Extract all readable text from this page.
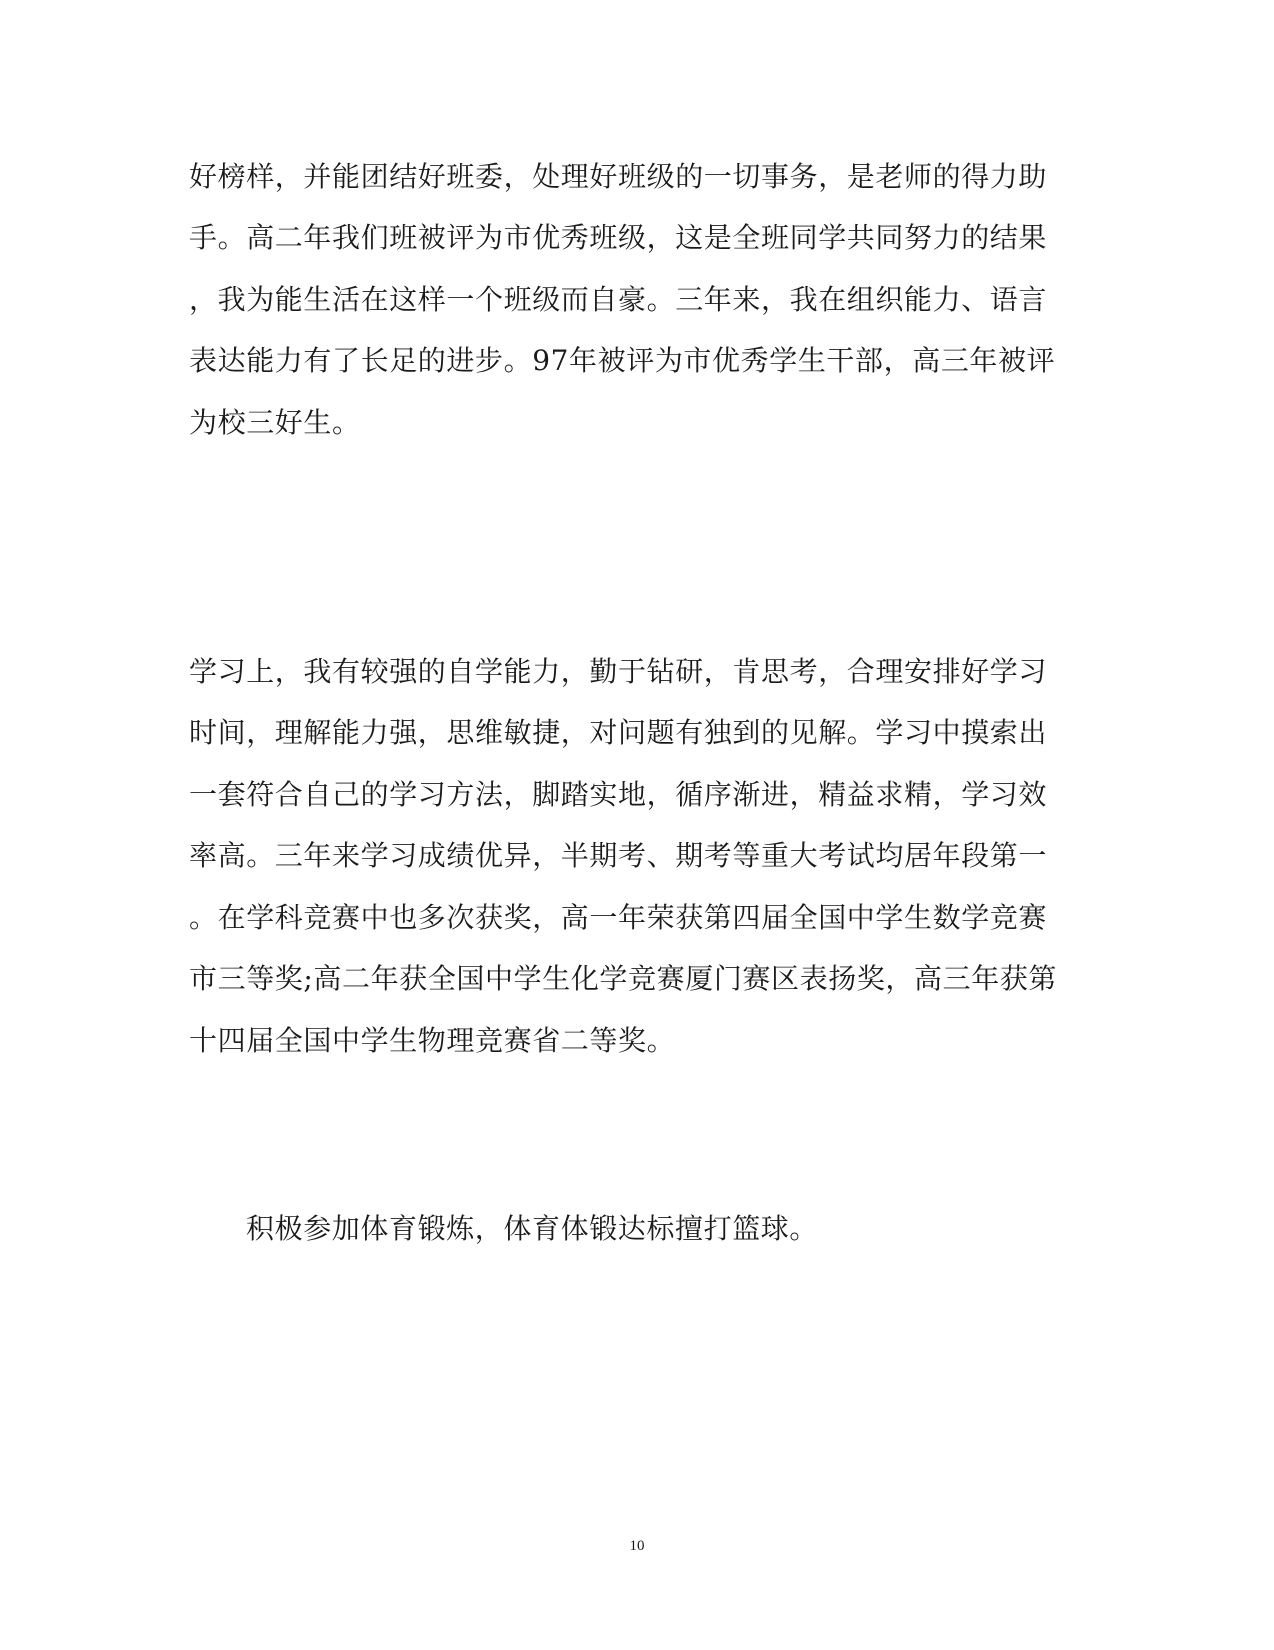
好榜样，并能团结好班委，处理好班级的一切事务，是老师的得力助
手。高二年我们班被评为市优秀班级，这是全班同学共同努力的结果
，我为能生活在这样一个班级而自豪。三年来，我在组织能力、语言
表达能力有了长足的进步。97年被评为市优秀学生干部，高三年被评
为校三好生。
学习上，我有较强的自学能力，勤于钻研，肯思考，合理安排好学习
时间，理解能力强，思维敏捷，对问题有独到的见解。学习中摸索出
一套符合自己的学习方法，脚踏实地，循序渐进，精益求精，学习效
率高。三年来学习成绩优异，半期考、期考等重大考试均居年段第一
。在学科竞赛中也多次获奖，高一年荣获第四届全国中学生数学竞赛
市三等奖;高二年获全国中学生化学竞赛厦门赛区表扬奖，高三年获第
十四届全国中学生物理竞赛省二等奖。
积极参加体育锻炼，体育体锻达标擅打篮球。
10
